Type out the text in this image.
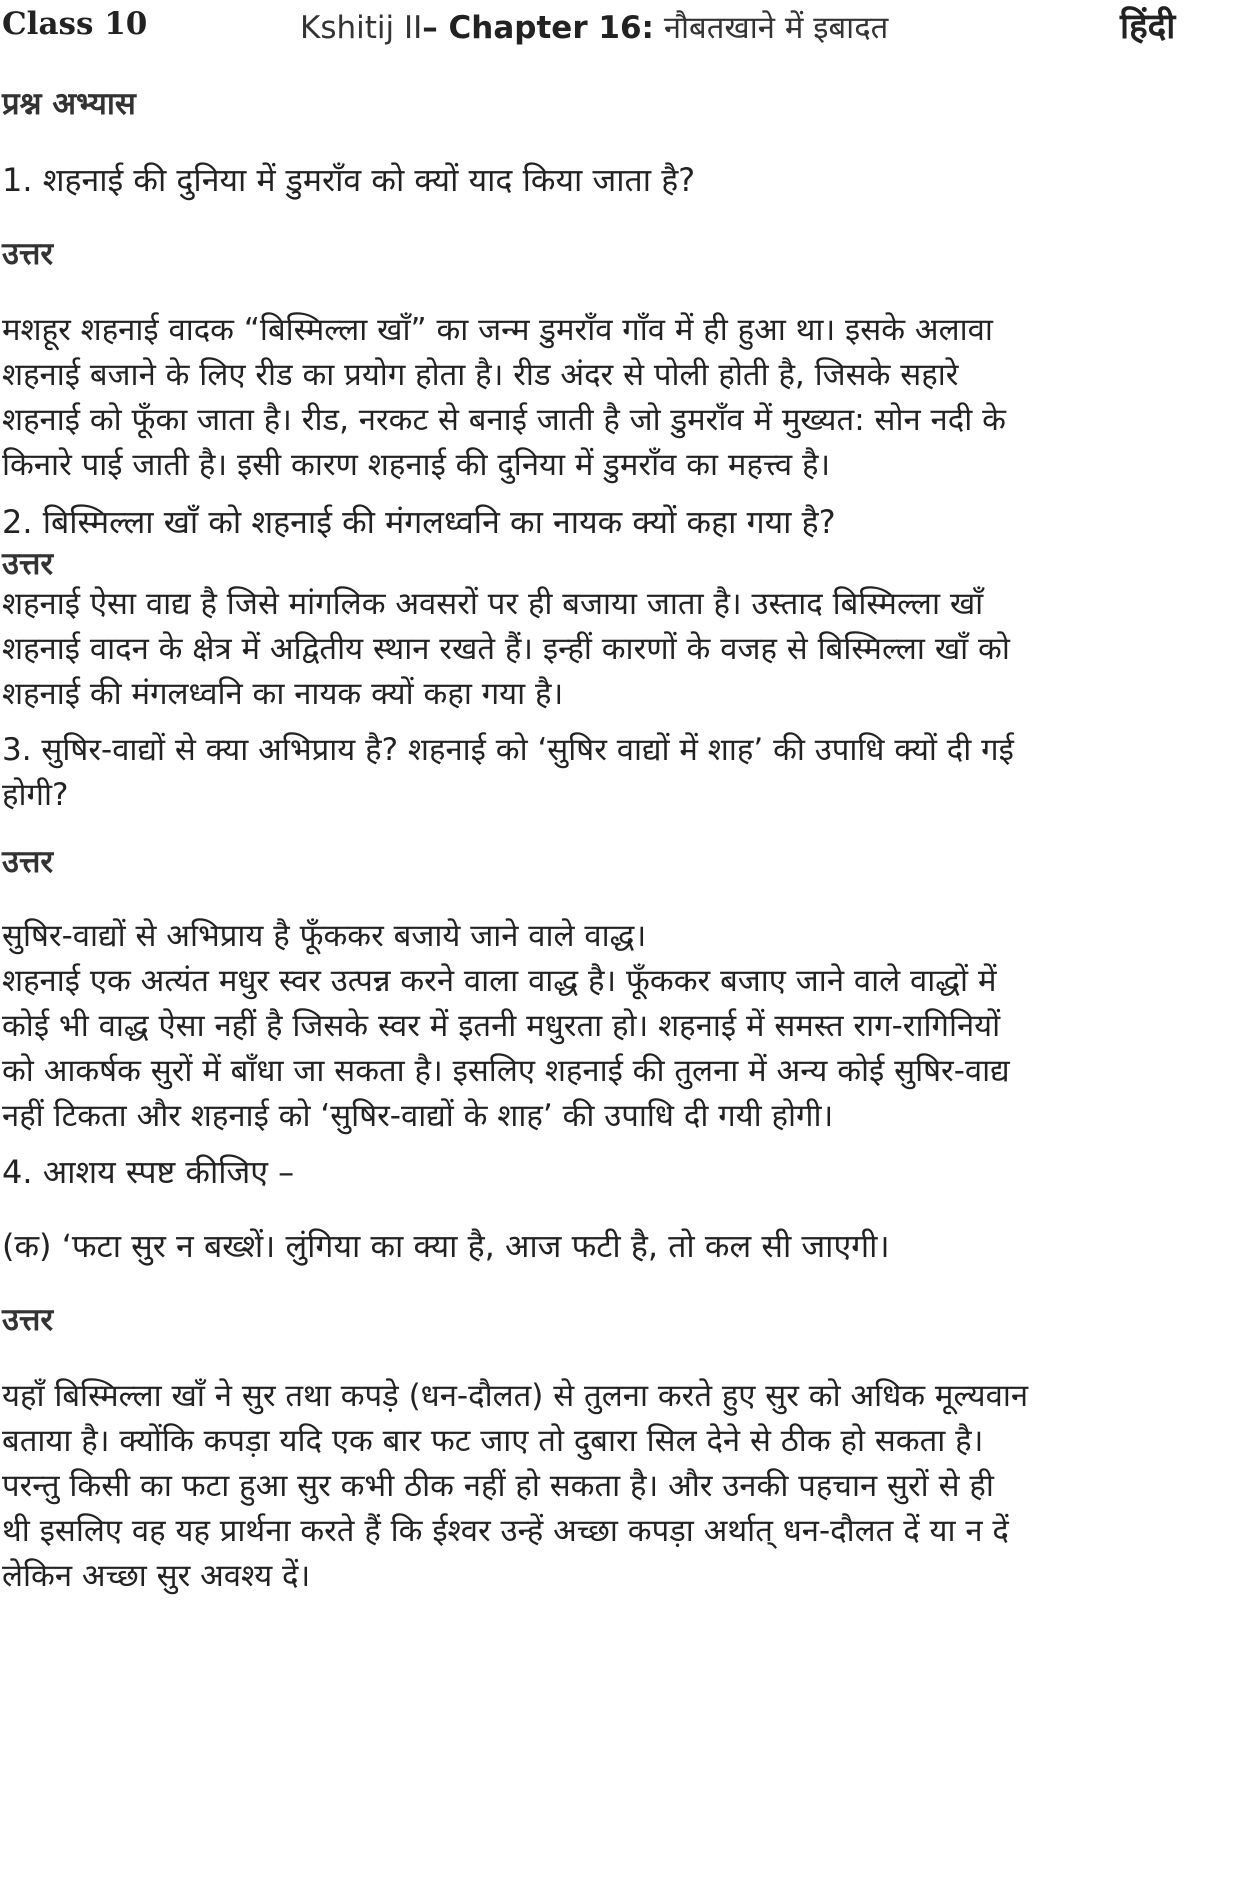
Class 10	Kshitij II– Chapter 16: नौबतखाने में इबादत	हिंदी
प्रश्न अभ्यास
1. शहनाई की दुनिया में डुमराँव को क्यों याद किया जाता है?
उत्तर

मशहूर शहनाई वादक “बिस्मिल्ला खाँ” का जन्म डुमराँव गाँव में ही हुआ था। इसके अलावा

शहनाई बजाने के लिए रीड का प्रयोग होता है। रीड अंदर से पोली होती है, जिसके सहारे

शहनाई को फूँका जाता है। रीड, नरकट से बनाई जाती है जो डुमराँव में मुख्यत: सोन नदी के

किनारे पाई जाती है। इसी कारण शहनाई की दुनिया में डुमराँव का महत्त्व है।

2. बिस्मिल्ला खाँ को शहनाई की मंगलध्वनि का नायक क्यों कहा गया है?
उत्तर

शहनाई ऐसा वाद्य है जिसे मांगलिक अवसरों पर ही बजाया जाता है। उस्ताद बिस्मिल्ला खाँ

शहनाई वादन के क्षेत्र में अद्वितीय स्थान रखते हैं। इन्हीं कारणों के वजह से बिस्मिल्ला खाँ को

शहनाई की मंगलध्वनि का नायक क्यों कहा गया है।

3. सुषिर-वाद्यों से क्या अभिप्राय है? शहनाई को ‘सुषिर वाद्यों में शाह’ की उपाधि क्यों दी गई

होगी?

उत्तर

सुषिर-वाद्यों से अभिप्राय है फूँककर बजाये जाने वाले वाद्ध।

शहनाई एक अत्यंत मधुर स्वर उत्पन्न करने वाला वाद्ध है। फूँककर बजाए जाने वाले वाद्धों में

कोई भी वाद्ध ऐसा नहीं है जिसके स्वर में इतनी मधुरता हो। शहनाई में समस्त राग-रागिनियों

को आकर्षक सुरों में बाँधा जा सकता है। इसलिए शहनाई की तुलना में अन्य कोई सुषिर-वाद्य

नहीं टिकता और शहनाई को ‘सुषिर-वाद्यों के शाह’ की उपाधि दी गयी होगी।

4. आशय स्पष्ट कीजिए –
(क) ‘फटा सुर न बख्शें। लुंगिया का क्या है, आज फटी है, तो कल सी जाएगी।
उत्तर

यहाँ बिस्मिल्ला खाँ ने सुर तथा कपड़े (धन-दौलत) से तुलना करते हुए सुर को अधिक मूल्यवान

बताया है। क्योंकि कपड़ा यदि एक बार फट जाए तो दुबारा सिल देने से ठीक हो सकता है।

परन्तु किसी का फटा हुआ सुर कभी ठीक नहीं हो सकता है। और उनकी पहचान सुरों से ही

थी इसलिए वह यह प्रार्थना करते हैं कि ईश्वर उन्हें अच्छा कपड़ा अर्थात् धन-दौलत दें या न दें

लेकिन अच्छा सुर अवश्य दें।
